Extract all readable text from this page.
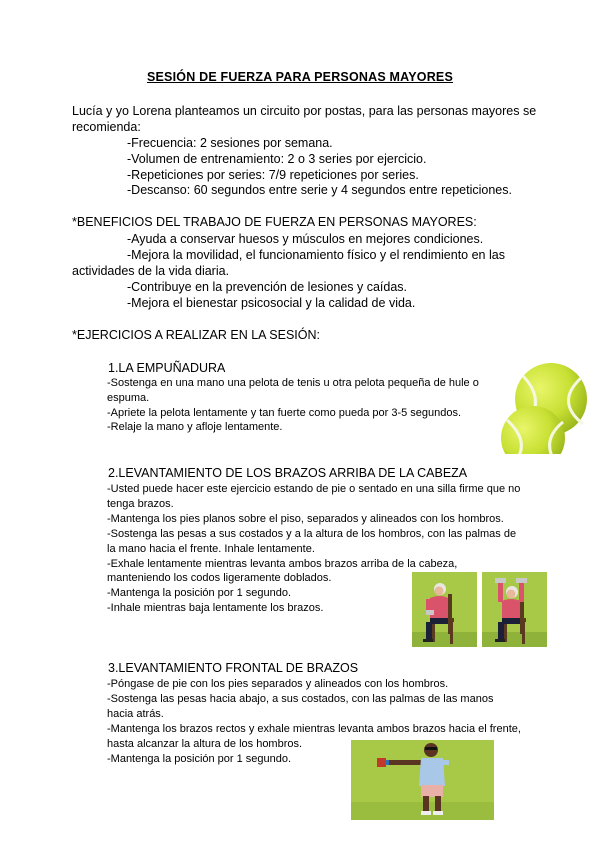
SESIÓN DE FUERZA PARA PERSONAS MAYORES
Lucía y yo Lorena planteamos un circuito por postas, para las personas mayores se
recomienda:
-Frecuencia: 2 sesiones por semana.
-Volumen de entrenamiento: 2 o 3 series por ejercicio.
-Repeticiones por series: 7/9 repeticiones por series.
-Descanso: 60 segundos entre serie y 4 segundos entre repeticiones.
*BENEFICIOS DEL TRABAJO DE FUERZA EN PERSONAS MAYORES:
-Ayuda a conservar huesos y músculos en mejores condiciones.
-Mejora la movilidad, el funcionamiento físico y el rendimiento en las
actividades de la vida diaria.
-Contribuye en la prevención de lesiones y caídas.
-Mejora el bienestar psicosocial y la calidad de vida.
*EJERCICIOS A REALIZAR EN LA SESIÓN:
1.LA EMPUÑADURA
-Sostenga en una mano una pelota de tenis u otra pelota pequeña de hule o
espuma.
-Apriete la pelota lentamente y tan fuerte como pueda por 3-5 segundos.
-Relaje la mano y afloje lentamente.
2.LEVANTAMIENTO DE LOS BRAZOS ARRIBA DE LA CABEZA
-Usted puede hacer este ejercicio estando de pie o sentado en una silla firme que no
tenga brazos.
-Mantenga los pies planos sobre el piso, separados y alineados con los hombros.
-Sostenga las pesas a sus costados y a la altura de los hombros, con las palmas de
la mano hacia el frente. Inhale lentamente.
-Exhale lentamente mientras levanta ambos brazos arriba de la cabeza,
manteniendo los codos ligeramente doblados.
-Mantenga la posición por 1 segundo.
-Inhale mientras baja lentamente los brazos.
3.LEVANTAMIENTO FRONTAL DE BRAZOS
-Póngase de pie con los pies separados y alineados con los hombros.
-Sostenga las pesas hacia abajo, a sus costados, con las palmas de las manos
hacia atrás.
-Mantenga los brazos rectos y exhale mientras levanta ambos brazos hacia el frente,
hasta alcanzar la altura de los hombros.
-Mantenga la posición por 1 segundo.
